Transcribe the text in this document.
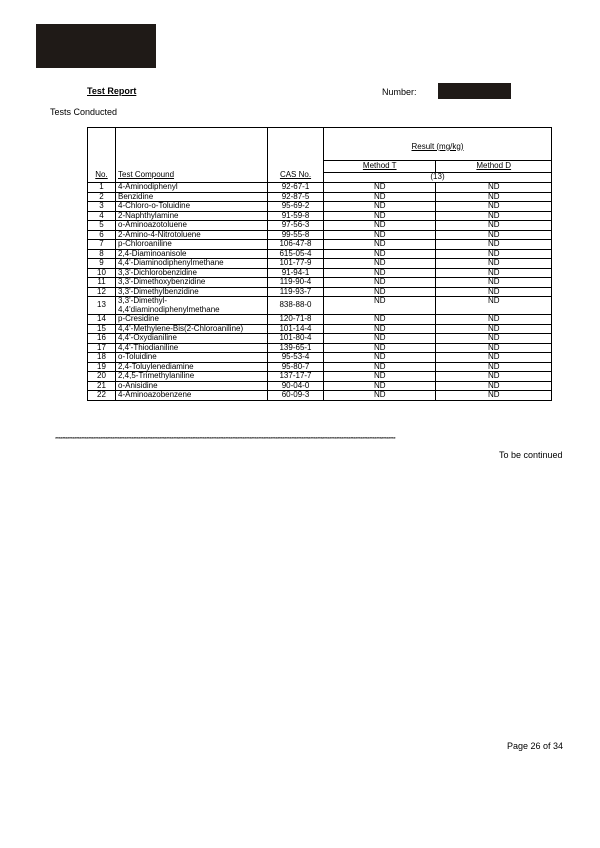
Test Report	Number:
Tests Conducted
No.	Test Compound	CAS No.	Result (mg/kg)	
			Method T	Method D
			(13)	
1	4-Aminodiphenyl	92-67-1	ND	ND
2	Benzidine	92-87-5	ND	ND
3	4-Chloro-o-Toluidine	95-69-2	ND	ND
4	2-Naphthylamine	91-59-8	ND	ND
5	o-Aminoazotoluene	97-56-3	ND	ND
6	2-Amino-4-Nitrotoluene	99-55-8	ND	ND
7	p-Chloroaniline	106-47-8	ND	ND
8	2,4-Diaminoanisole	615-05-4	ND	ND
9	4,4'-Diaminodiphenylmethane	101-77-9	ND	ND
10	3,3'-Dichlorobenzidine	91-94-1	ND	ND
11	3,3'-Dimethoxybenzidine	119-90-4	ND	ND
12	3,3'-Dimethylbenzidine	119-93-7	ND	ND
13	3,3'-Dimethyl-
4,4'diaminodiphenylmethane	838-88-0	ND	ND
14	p-Cresidine	120-71-8	ND	ND
15	4,4'-Methylene-Bis(2-Chloroaniline)	101-14-4	ND	ND
16	4,4'-Oxydianiline	101-80-4	ND	ND
17	4,4'-Thiodianiline	139-65-1	ND	ND
18	o-Toluidine	95-53-4	ND	ND
19	2,4-Toluylenediamine	95-80-7	ND	ND
20	2,4,5-Trimethylaniline	137-17-7	ND	ND
21	o-Anisidine	90-04-0	ND	ND
22	4-Aminoazobenzene	60-09-3	ND	ND
****************************************************************************************************************************************************************************************************
To be continued
Page 26 of 34
